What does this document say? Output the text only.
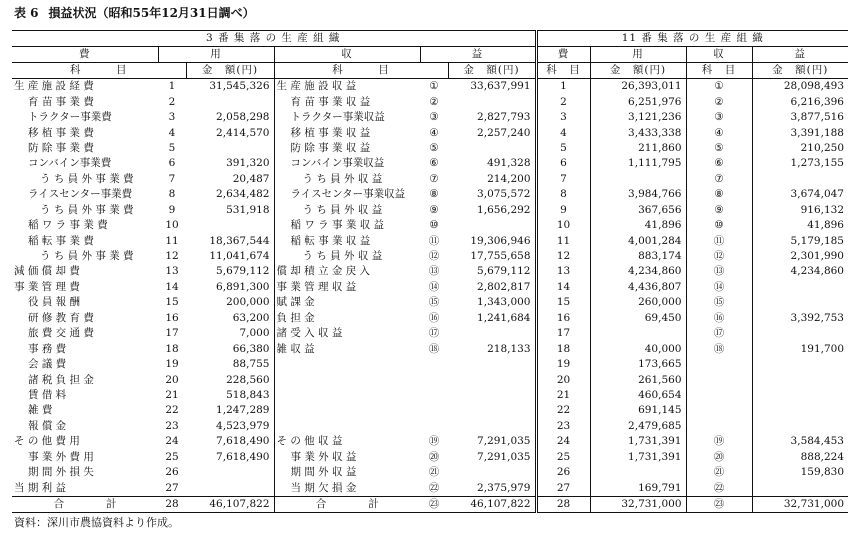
表 6 損益状況（昭和55年12月31日調べ）
3 番 集 落 の 生 産 組 織						11 番 集 落 の 生 産 組 織			
費	用		収	益		費	用	収	益
科　　　目		金　額(円)	科　　　目		金　額(円)	科　目	金　額(円)	科　目	金　額(円)
生 産 施 設 経 費	1	31,545,326	生 産 施 設 収 益	①	33,637,991	1	26,393,011	①	28,098,493
育 苗 事 業 費	2		育 苗 事 業 収 益	②		2	6,251,976	②	6,216,396
トラクター事業費	3	2,058,298	トラクター事業収益	③	2,827,793	3	3,121,236	③	3,877,516
移 植 事 業 費	4	2,414,570	移 植 事 業 収 益	④	2,257,240	4	3,433,338	④	3,391,188
防 除 事 業 費	5		防 除 事 業 収 益	⑤		5	211,860	⑤	210,250
コンバイン事業費	6	391,320	コンバイン事業収益	⑥	491,328	6	1,111,795	⑥	1,273,155
う ち 員 外 事 業 費	7	20,487	う ち 員 外 収 益	⑦	214,200	7		⑦	
ライスセンター事業費	8	2,634,482	ライスセンター事業収益	⑧	3,075,572	8	3,984,766	⑧	3,674,047
う ち 員 外 事 業 費	9	531,918	う ち 員 外 収 益	⑨	1,656,292	9	367,656	⑨	916,132
稲 ワ ラ 事 業 費	10		稲 ワ ラ 事 業 収 益	⑩		10	41,896	⑩	41,896
稲 転 事 業 費	11	18,367,544	稲 転 事 業 収 益	⑪	19,306,946	11	4,001,284	⑪	5,179,185
う ち 員 外 事 業 費	12	11,041,674	う ち 員 外 収 益	⑫	17,755,658	12	883,174	⑫	2,301,990
減 価 償 却 費	13	5,679,112	償 却 積 立 金 戻 入	⑬	5,679,112	13	4,234,860	⑬	4,234,860
事 業 管 理 費	14	6,891,300	事 業 管 理 収 益	⑭	2,802,817	14	4,436,807	⑭	
役 員 報 酬	15	200,000	賦 課 金	⑮	1,343,000	15	260,000	⑮	
研 修 教 育 費	16	63,200	負 担 金	⑯	1,241,684	16	69,450	⑯	3,392,753
旅 費 交 通 費	17	7,000	諸 受 入 収 益	⑰		17		⑰	
事 務 費	18	66,380	雑 収 益	⑱	218,133	18	40,000	⑱	191,700
会 議 費	19	88,755				19	173,665		
諸 税 負 担 金	20	228,560				20	261,560		
賃 借 料	21	518,843				21	460,654		
雑 費	22	1,247,289				22	691,145		
報 償 金	23	4,523,979				23	2,479,685		
そ の 他 費 用	24	7,618,490	そ の 他 収 益	⑲	7,291,035	24	1,731,391	⑲	3,584,453
事 業 外 費 用	25	7,618,490	事 業 外 収 益	⑳	7,291,035	25	1,731,391	⑳	888,224
期 間 外 損 失	26		期 間 外 収 益	㉑		26		㉑	159,830
当 期 利 益	27		当 期 欠 損 金	㉒	2,375,979	27	169,791	㉒	
合　　　　計	28	46,107,822	合　　　　計	㉓	46,107,822	28	32,731,000	㉓	32,731,000
資料：深川市農協資料より作成。
